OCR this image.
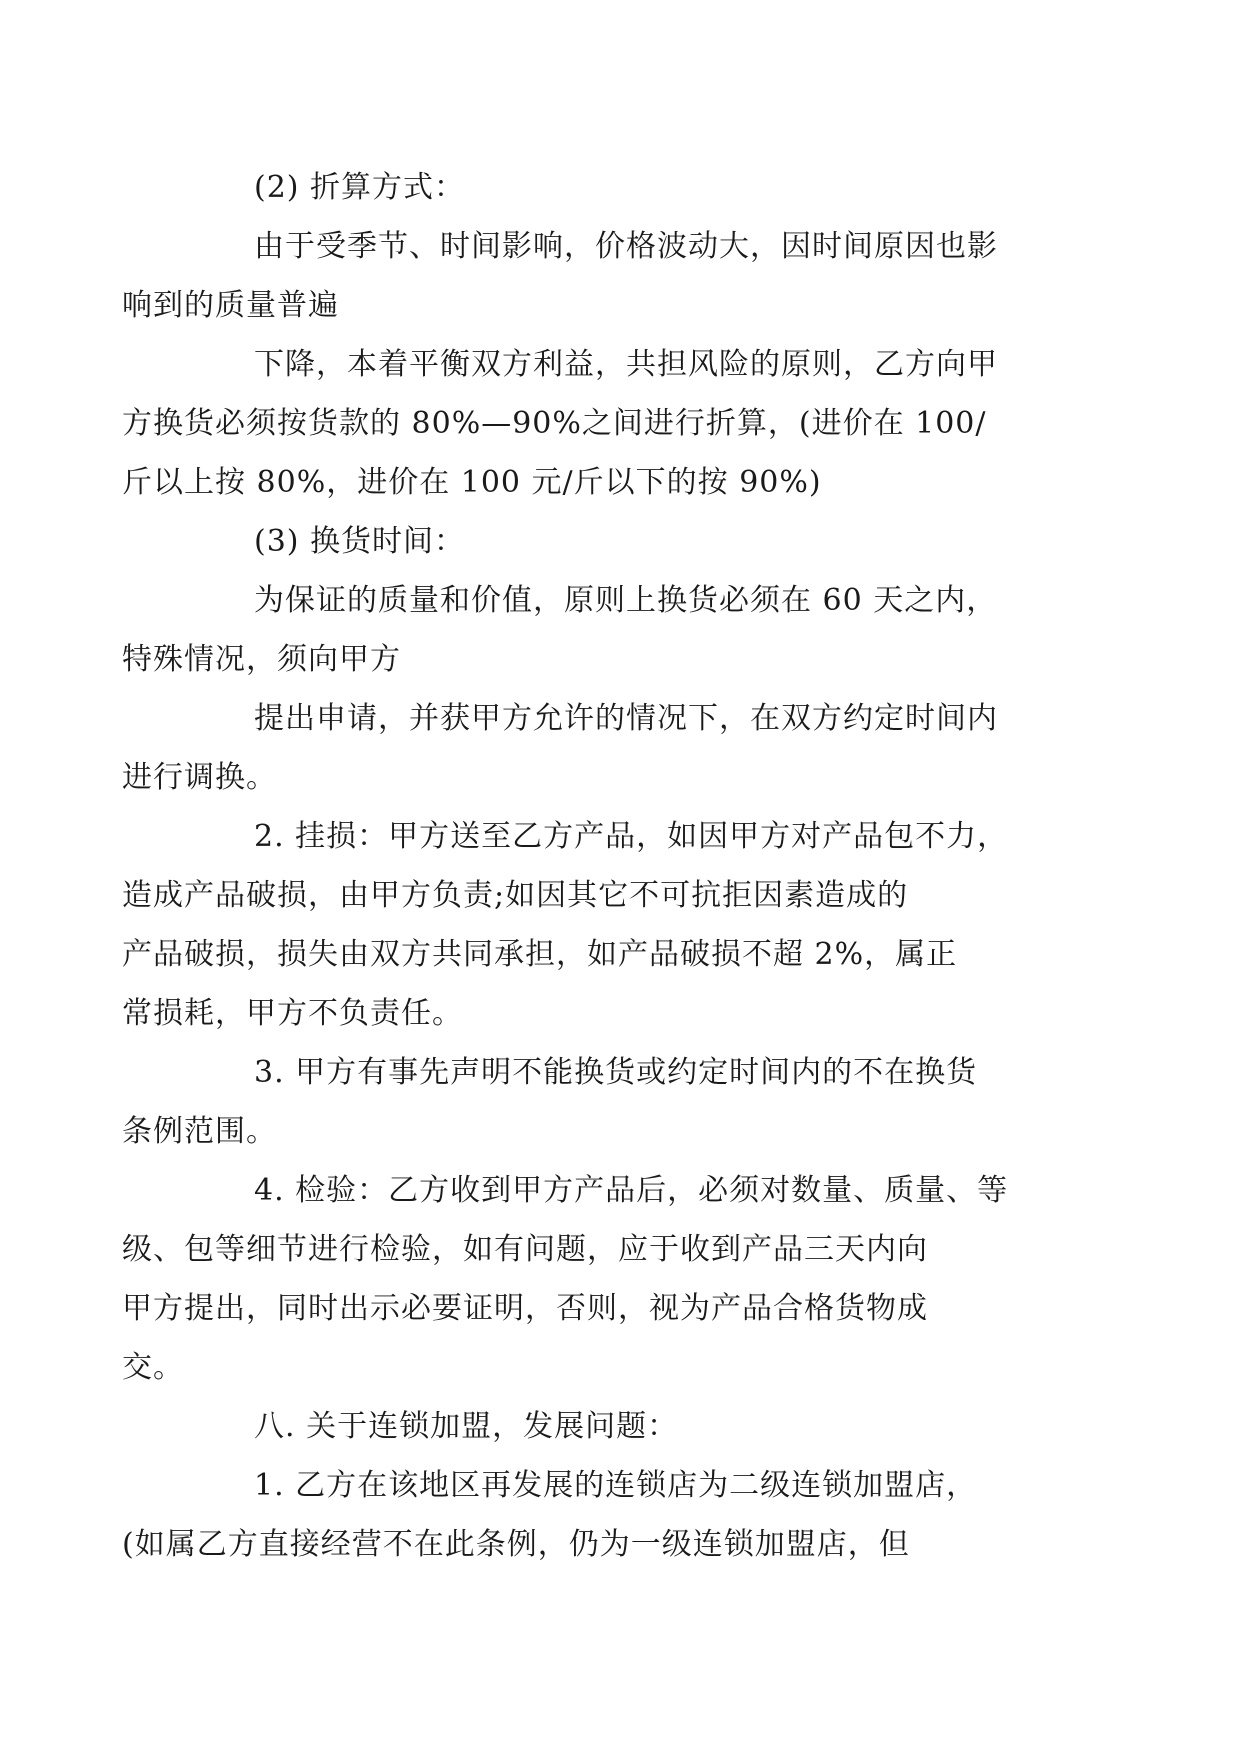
(2) 折算方式：

由于受季节、时间影响，价格波动大，因时间原因也影
响到的质量普遍

下降，本着平衡双方利益，共担风险的原则，乙方向甲
方换货必须按货款的 80%—90%之间进行折算，(进价在 100/
斤以上按 80%，进价在 100 元/斤以下的按 90%)

(3) 换货时间：

为保证的质量和价值，原则上换货必须在 60 天之内，
特殊情况，须向甲方

提出申请，并获甲方允许的情况下，在双方约定时间内
进行调换。

2. 挂损：甲方送至乙方产品，如因甲方对产品包不力，
造成产品破损，由甲方负责;如因其它不可抗拒因素造成的
产品破损，损失由双方共同承担，如产品破损不超 2%，属正
常损耗，甲方不负责任。

3. 甲方有事先声明不能换货或约定时间内的不在换货
条例范围。

4. 检验：乙方收到甲方产品后，必须对数量、质量、等
级、包等细节进行检验，如有问题，应于收到产品三天内向
甲方提出，同时出示必要证明，否则，视为产品合格货物成
交。

八. 关于连锁加盟，发展问题：

1. 乙方在该地区再发展的连锁店为二级连锁加盟店，
(如属乙方直接经营不在此条例，仍为一级连锁加盟店，但
